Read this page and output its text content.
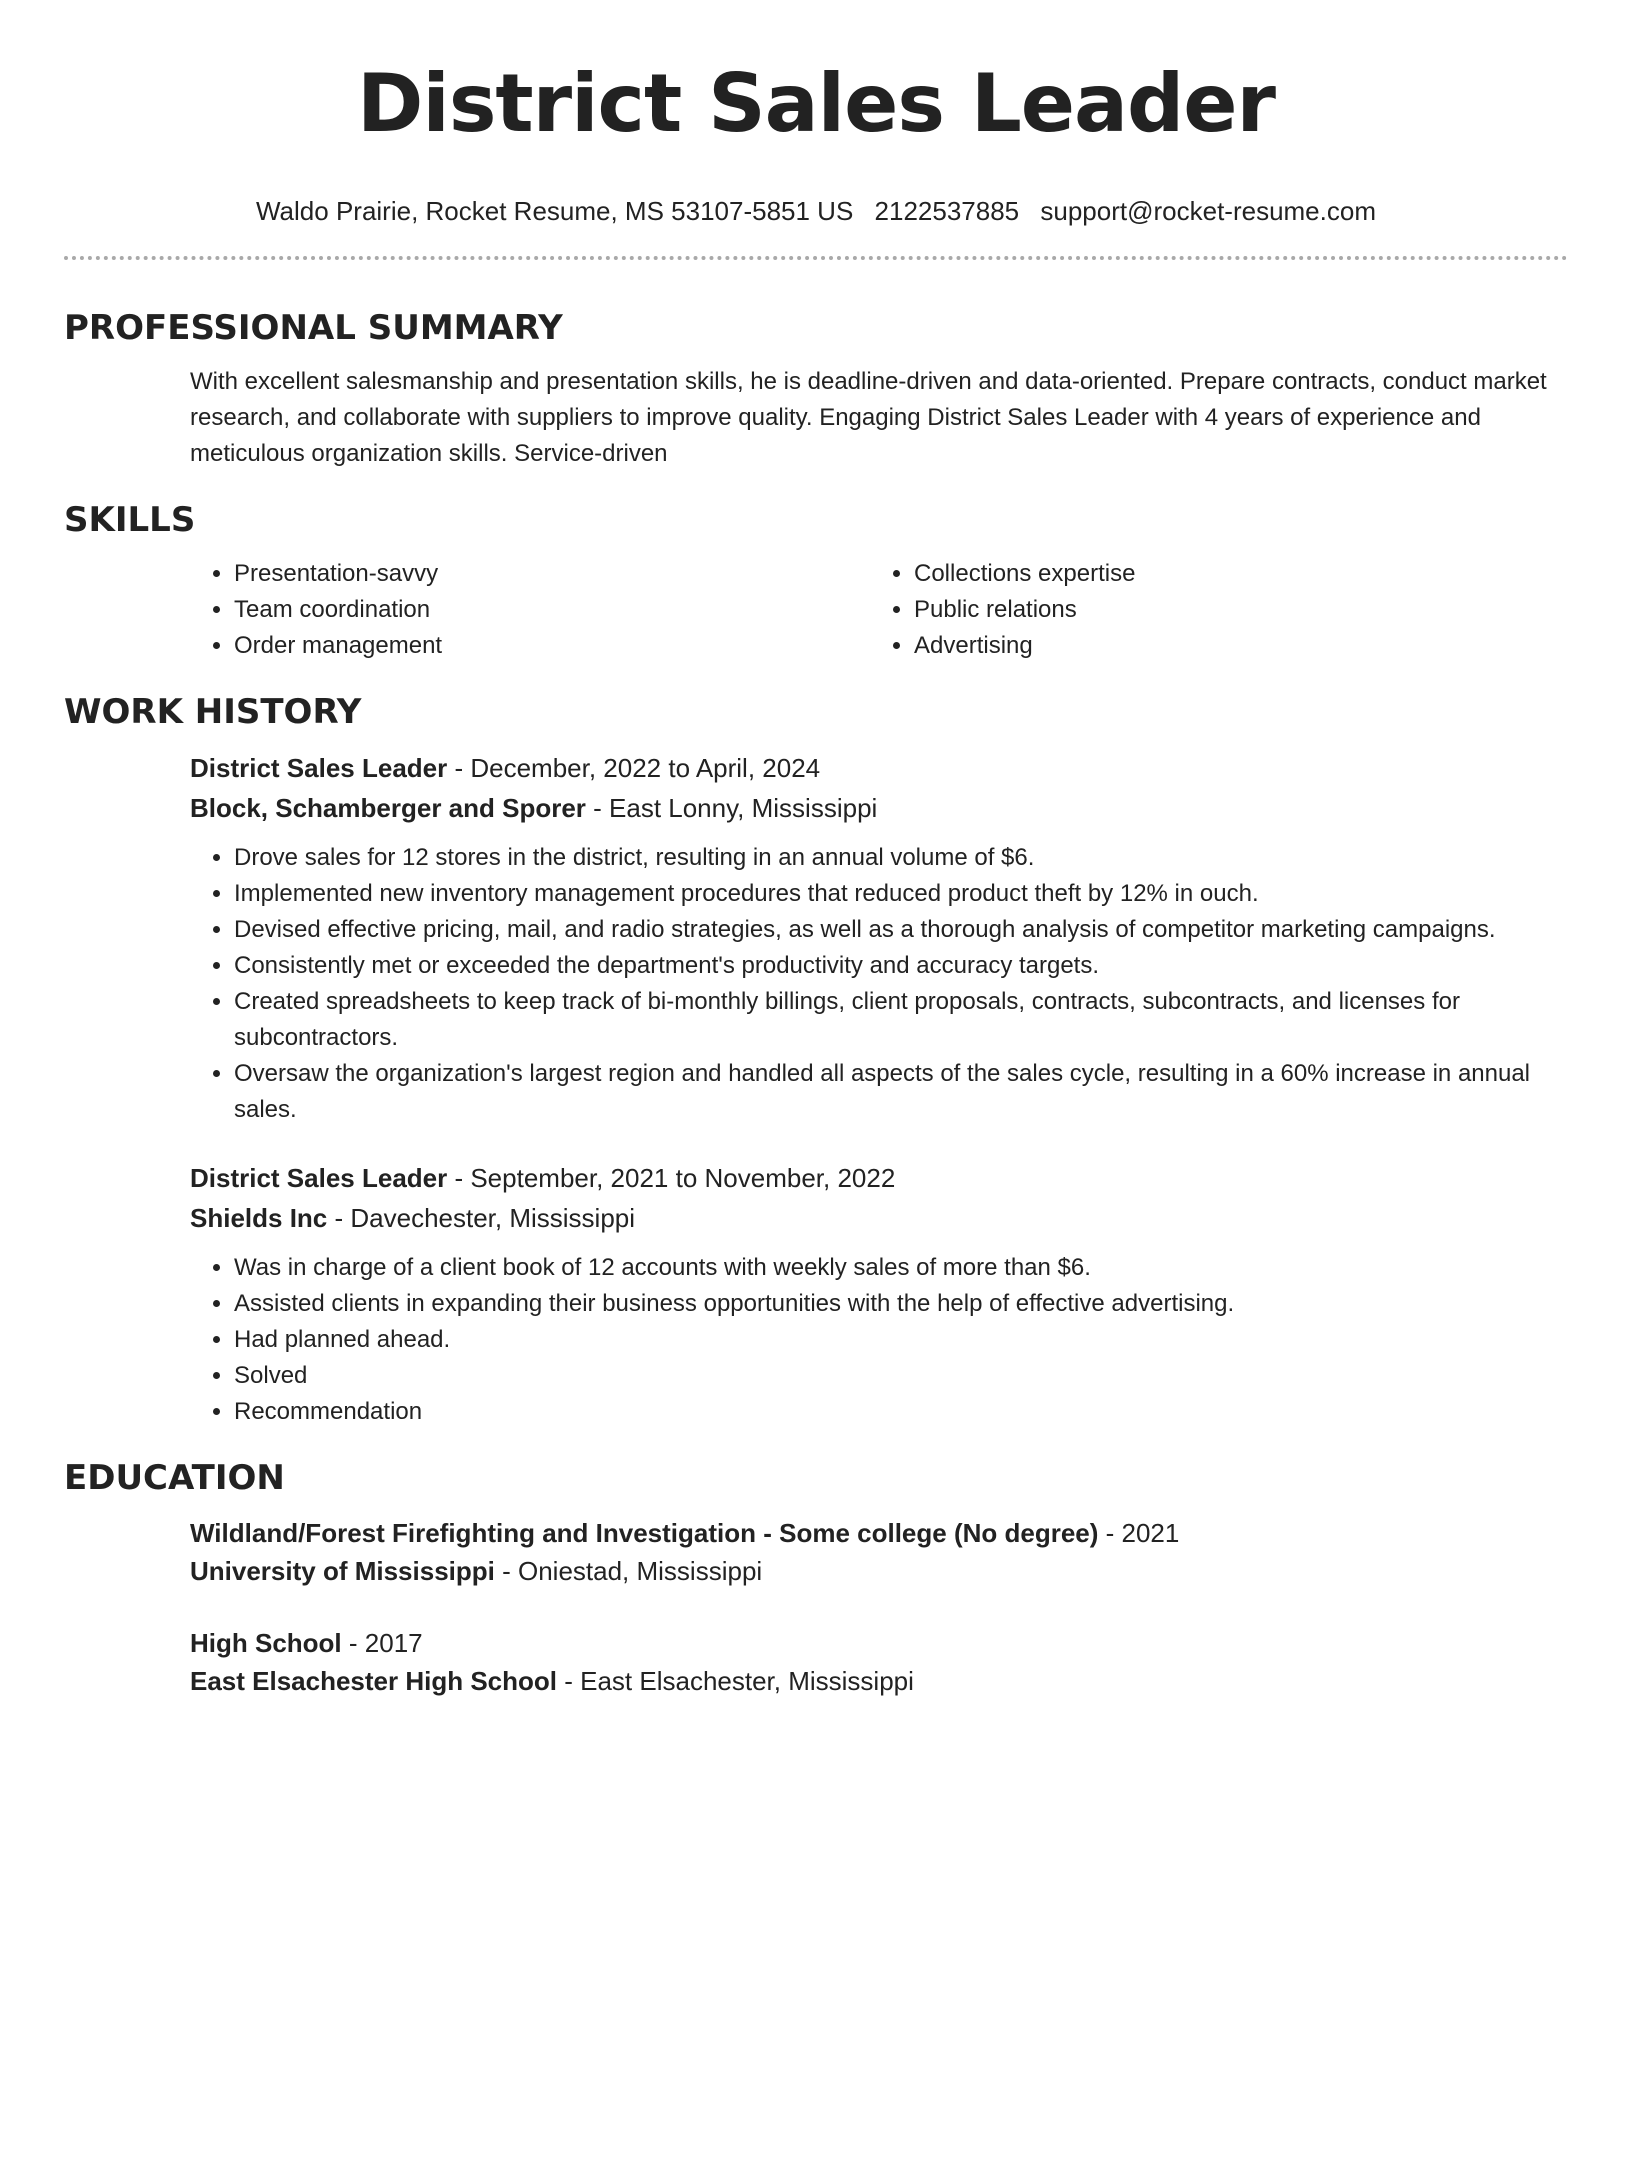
District Sales Leader
Waldo Prairie, Rocket Resume, MS 53107-5851 US 2122537885 support@rocket-resume.com
PROFESSIONAL SUMMARY

With excellent salesmanship and presentation skills, he is deadline-driven and data-oriented. Prepare contracts, conduct market research, and collaborate with suppliers to improve quality. Engaging District Sales Leader with 4 years of experience and meticulous organization skills. Service-driven

SKILLS
• Presentation-savvy
• Team coordination
• Order management
• Collections expertise
• Public relations
• Advertising
WORK HISTORY

District Sales Leader - December, 2022 to April, 2024

Block, Schamberger and Sporer - East Lonny, Mississippi

• Drove sales for 12 stores in the district, resulting in an annual volume of $6.
• Implemented new inventory management procedures that reduced product theft by 12% in ouch.
• Devised effective pricing, mail, and radio strategies, as well as a thorough analysis of competitor marketing campaigns.
• Consistently met or exceeded the department's productivity and accuracy targets.
• Created spreadsheets to keep track of bi-monthly billings, client proposals, contracts, subcontracts, and licenses for subcontractors.
• Oversaw the organization's largest region and handled all aspects of the sales cycle, resulting in a 60% increase in annual sales.

District Sales Leader - September, 2021 to November, 2022

Shields Inc - Davechester, Mississippi

• Was in charge of a client book of 12 accounts with weekly sales of more than $6.
• Assisted clients in expanding their business opportunities with the help of effective advertising.
• Had planned ahead.
• Solved
• Recommendation
EDUCATION

Wildland/Forest Firefighting and Investigation - Some college (No degree) - 2021

University of Mississippi - Oniestad, Mississippi

High School - 2017

East Elsachester High School - East Elsachester, Mississippi
